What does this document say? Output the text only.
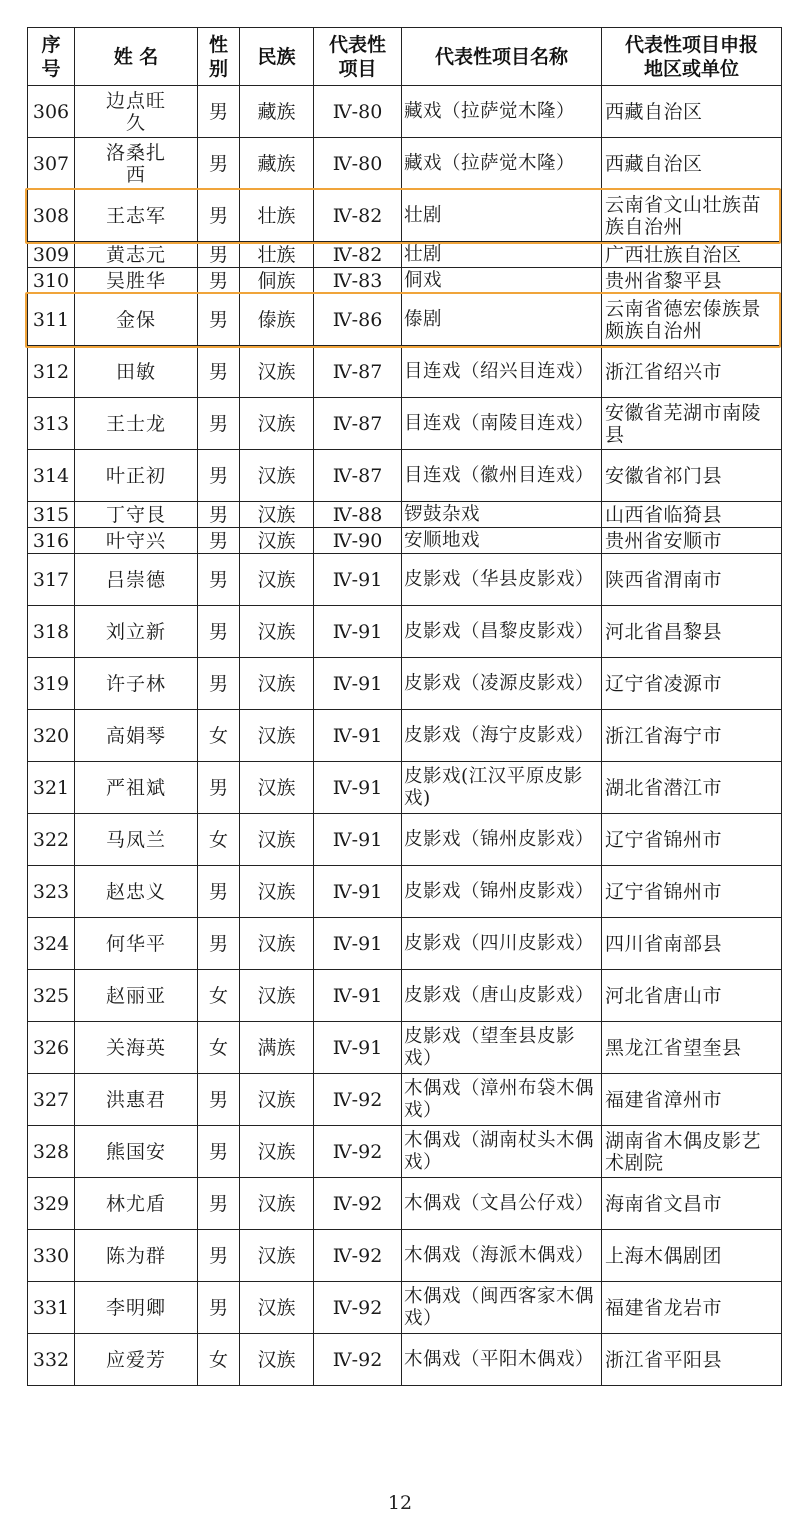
序号	姓 名	性别	民族	代表性项目	代表性项目名称	代表性项目申报地区或单位

306	边点旺久	男	藏族	Ⅳ-80	藏戏（拉萨觉木隆）	西藏自治区

307	洛桑扎西	男	藏族	Ⅳ-80	藏戏（拉萨觉木隆）	西藏自治区

308	王志军	男	壮族	Ⅳ-82	壮剧	云南省文山壮族苗族自治州

309	黄志元	男	壮族	Ⅳ-82	壮剧	广西壮族自治区

310	吴胜华	男	侗族	Ⅳ-83	侗戏	贵州省黎平县

311	金保	男	傣族	Ⅳ-86	傣剧	云南省德宏傣族景颇族自治州

312	田敏	男	汉族	Ⅳ-87	目连戏（绍兴目连戏）	浙江省绍兴市

313	王士龙	男	汉族	Ⅳ-87	目连戏（南陵目连戏）	安徽省芜湖市南陵县

314	叶正初	男	汉族	Ⅳ-87	目连戏（徽州目连戏）	安徽省祁门县

315	丁守艮	男	汉族	Ⅳ-88	锣鼓杂戏	山西省临猗县

316	叶守兴	男	汉族	Ⅳ-90	安顺地戏	贵州省安顺市

317	吕崇德	男	汉族	Ⅳ-91	皮影戏（华县皮影戏）	陕西省渭南市

318	刘立新	男	汉族	Ⅳ-91	皮影戏（昌黎皮影戏）	河北省昌黎县

319	许子林	男	汉族	Ⅳ-91	皮影戏（凌源皮影戏）	辽宁省凌源市

320	高娟琴	女	汉族	Ⅳ-91	皮影戏（海宁皮影戏）	浙江省海宁市

321	严祖斌	男	汉族	Ⅳ-91	皮影戏(江汉平原皮影戏)	湖北省潜江市

322	马凤兰	女	汉族	Ⅳ-91	皮影戏（锦州皮影戏）	辽宁省锦州市

323	赵忠义	男	汉族	Ⅳ-91	皮影戏（锦州皮影戏）	辽宁省锦州市

324	何华平	男	汉族	Ⅳ-91	皮影戏（四川皮影戏）	四川省南部县

325	赵丽亚	女	汉族	Ⅳ-91	皮影戏（唐山皮影戏）	河北省唐山市

326	关海英	女	满族	Ⅳ-91	皮影戏（望奎县皮影戏）	黑龙江省望奎县

327	洪惠君	男	汉族	Ⅳ-92	木偶戏（漳州布袋木偶戏）	福建省漳州市

328	熊国安	男	汉族	Ⅳ-92	木偶戏（湖南杖头木偶戏）	湖南省木偶皮影艺术剧院

329	林尤盾	男	汉族	Ⅳ-92	木偶戏（文昌公仔戏）	海南省文昌市

330	陈为群	男	汉族	Ⅳ-92	木偶戏（海派木偶戏）	上海木偶剧团

331	李明卿	男	汉族	Ⅳ-92	木偶戏（闽西客家木偶戏）	福建省龙岩市

332	应爱芳	女	汉族	Ⅳ-92	木偶戏（平阳木偶戏）	浙江省平阳县
12
